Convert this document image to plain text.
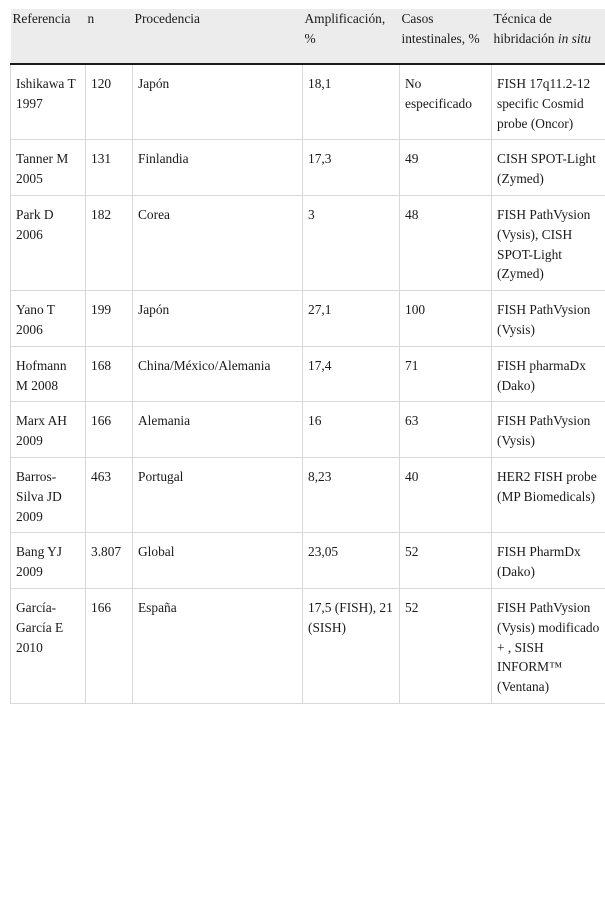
Referencia	n	Procedencia	Amplificación, %	Casos intestinales, %	Técnica de hibridación in situ
Ishikawa T 1997	120	Japón	18,1	No especificado	FISH 17q11.2-12 specific Cosmid probe (Oncor)
Tanner M 2005	131	Finlandia	17,3	49	CISH SPOT-Light (Zymed)
Park D 2006	182	Corea	3	48	FISH PathVysion (Vysis), CISH SPOT-Light (Zymed)
Yano T 2006	199	Japón	27,1	100	FISH PathVysion (Vysis)
Hofmann M 2008	168	China/México/Alemania	17,4	71	FISH pharmaDx (Dako)
Marx AH 2009	166	Alemania	16	63	FISH PathVysion (Vysis)
Barros-Silva JD 2009	463	Portugal	8,23	40	HER2 FISH probe (MP Biomedicals)
Bang YJ 2009	3.807	Global	23,05	52	FISH PharmDx (Dako)
García-García E 2010	166	España	17,5 (FISH), 21 (SISH)	52	FISH PathVysion (Vysis) modificado + , SISH INFORM™ (Ventana)
